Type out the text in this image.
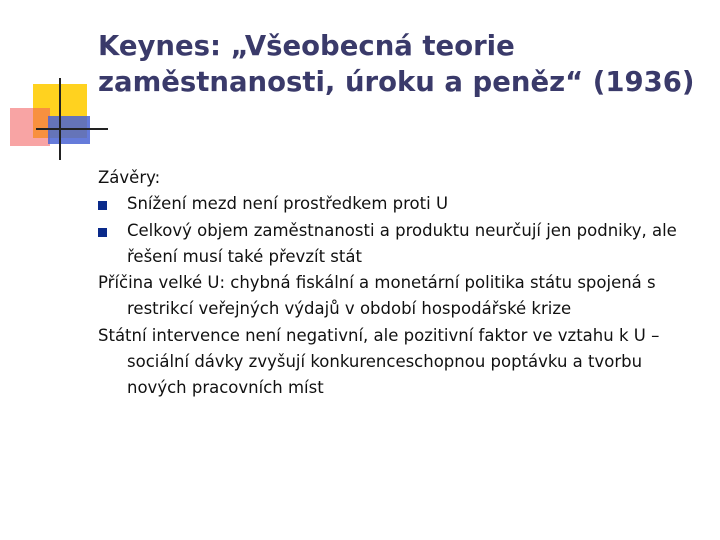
Keynes: „Všeobecná teorie zaměstnanosti, úroku a peněz“ (1936)
Závěry:
Snížení mezd není prostředkem proti U
Celkový objem zaměstnanosti a produktu neurčují jen podniky, ale řešení musí také převzít stát
Příčina velké U: chybná fiskální a monetární politika státu spojená s restrikcí veřejných výdajů v období hospodářské krize
Státní intervence není negativní, ale pozitivní faktor ve vztahu k U – sociální dávky zvyšují konkurenceschopnou poptávku a tvorbu nových pracovních míst
